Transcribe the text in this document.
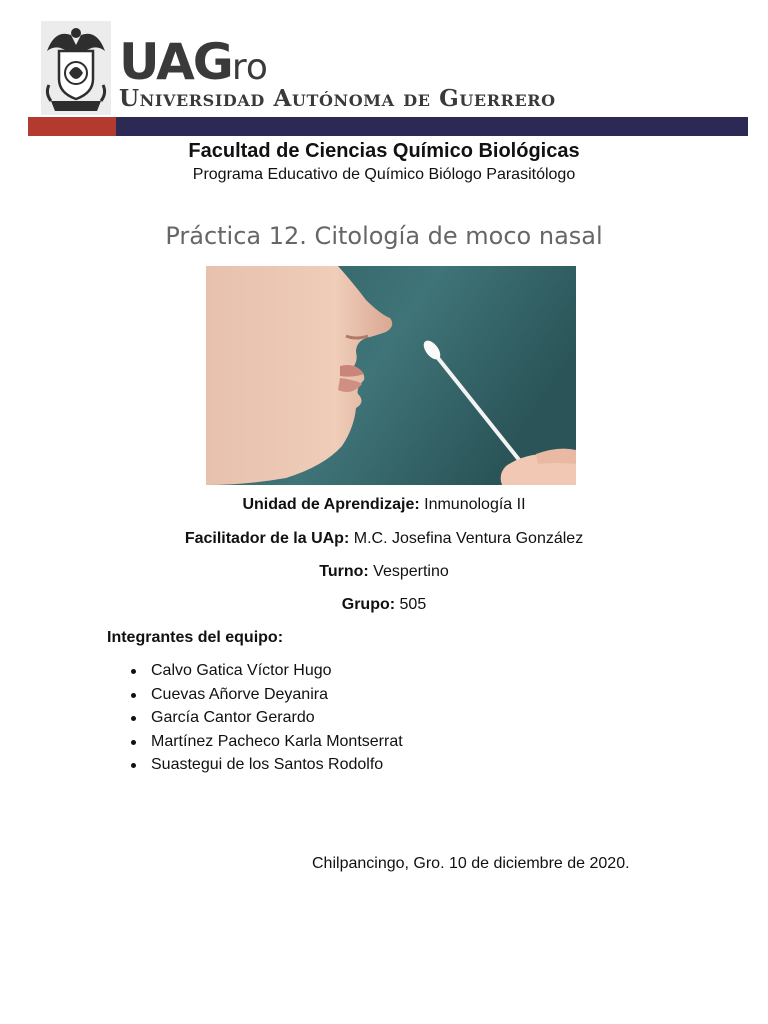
UAGro
Universidad Autónoma de Guerrero
Facultad de Ciencias Químico Biológicas
Programa Educativo de Químico Biólogo Parasitólogo
Práctica 12. Citología de moco nasal
Unidad de Aprendizaje: Inmunología II
Facilitador de la UAp: M.C. Josefina Ventura González
Turno: Vespertino
Grupo: 505
Integrantes del equipo:
Calvo Gatica Víctor Hugo
Cuevas Añorve Deyanira
García Cantor Gerardo
Martínez Pacheco Karla Montserrat
Suastegui de los Santos Rodolfo
Chilpancingo, Gro. 10 de diciembre de 2020.
